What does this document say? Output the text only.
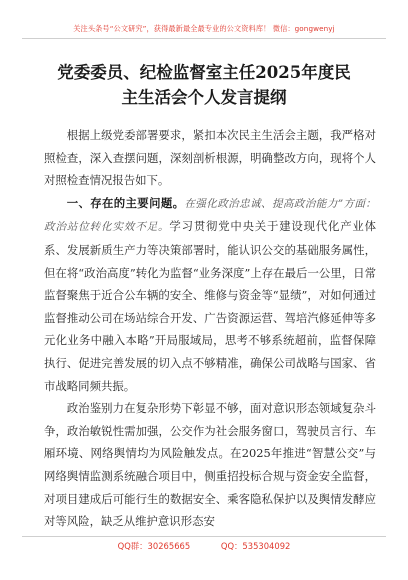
关注头条号“公文研究”，获得最新最全最专业的公文资料库！ 微信：gongwenyj
党委委员、纪检监督室主任2025年度民
主生活会个人发言提纲

根据上级党委部署要求，紧扣本次民主生活会主题，我严格对照检查，深入查摆问题，深刻剖析根源，明确整改方向，现将个人对照检查情况报告如下。

一、存在的主要问题。在强化政治忠诚、提高政治能力”方面：政治站位转化实效不足。学习贯彻党中央关于建设现代化产业体系、发展新质生产力等决策部署时，能认识公交的基础服务属性，但在将“政治高度”转化为监督“业务深度”上存在最后一公里，日常监督聚焦于近合公车辆的安全、维修与资金等“显绩”，对如何通过监督推动公司在场站综合开发、广告资源运营、驾培汽修延伸等多元化业务中融入本略”开局服域局，思考不够系统超前，监督保障执行、促进完善发展的切入点不够精准，确保公司战略与国家、省市战略同频共振。

政治鉴别力在复杂形势下彰显不够，面对意识形态领域复杂斗争，政治敏锐性需加强，公交作为社会服务窗口，驾驶员言行、车厢环境、网络舆情均为风险触发点。在2025年推进“智慧公交”与网络舆情监测系统融合项目中，侧重招投标合规与资金安全监督，对项目建成后可能行生的数据安全、乘客隐私保护以及舆情发酵应对等风险，缺乏从维护意识形态安

QQ群：30265665	QQ：535304092
